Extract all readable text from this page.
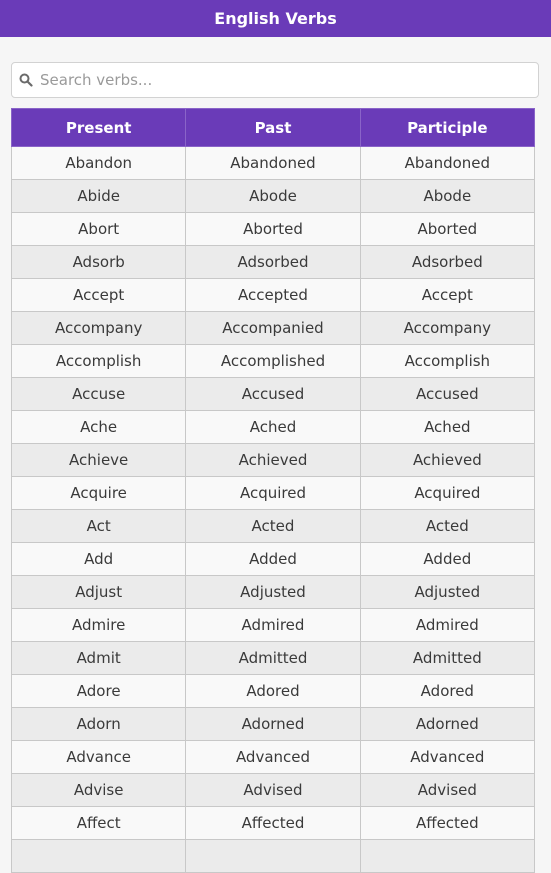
English Verbs
Search verbs...
Present	Past	Participle
Abandon	Abandoned	Abandoned
Abide	Abode	Abode
Abort	Aborted	Aborted
Adsorb	Adsorbed	Adsorbed
Accept	Accepted	Accept
Accompany	Accompanied	Accompany
Accomplish	Accomplished	Accomplish
Accuse	Accused	Accused
Ache	Ached	Ached
Achieve	Achieved	Achieved
Acquire	Acquired	Acquired
Act	Acted	Acted
Add	Added	Added
Adjust	Adjusted	Adjusted
Admire	Admired	Admired
Admit	Admitted	Admitted
Adore	Adored	Adored
Adorn	Adorned	Adorned
Advance	Advanced	Advanced
Advise	Advised	Advised
Affect	Affected	Affected
